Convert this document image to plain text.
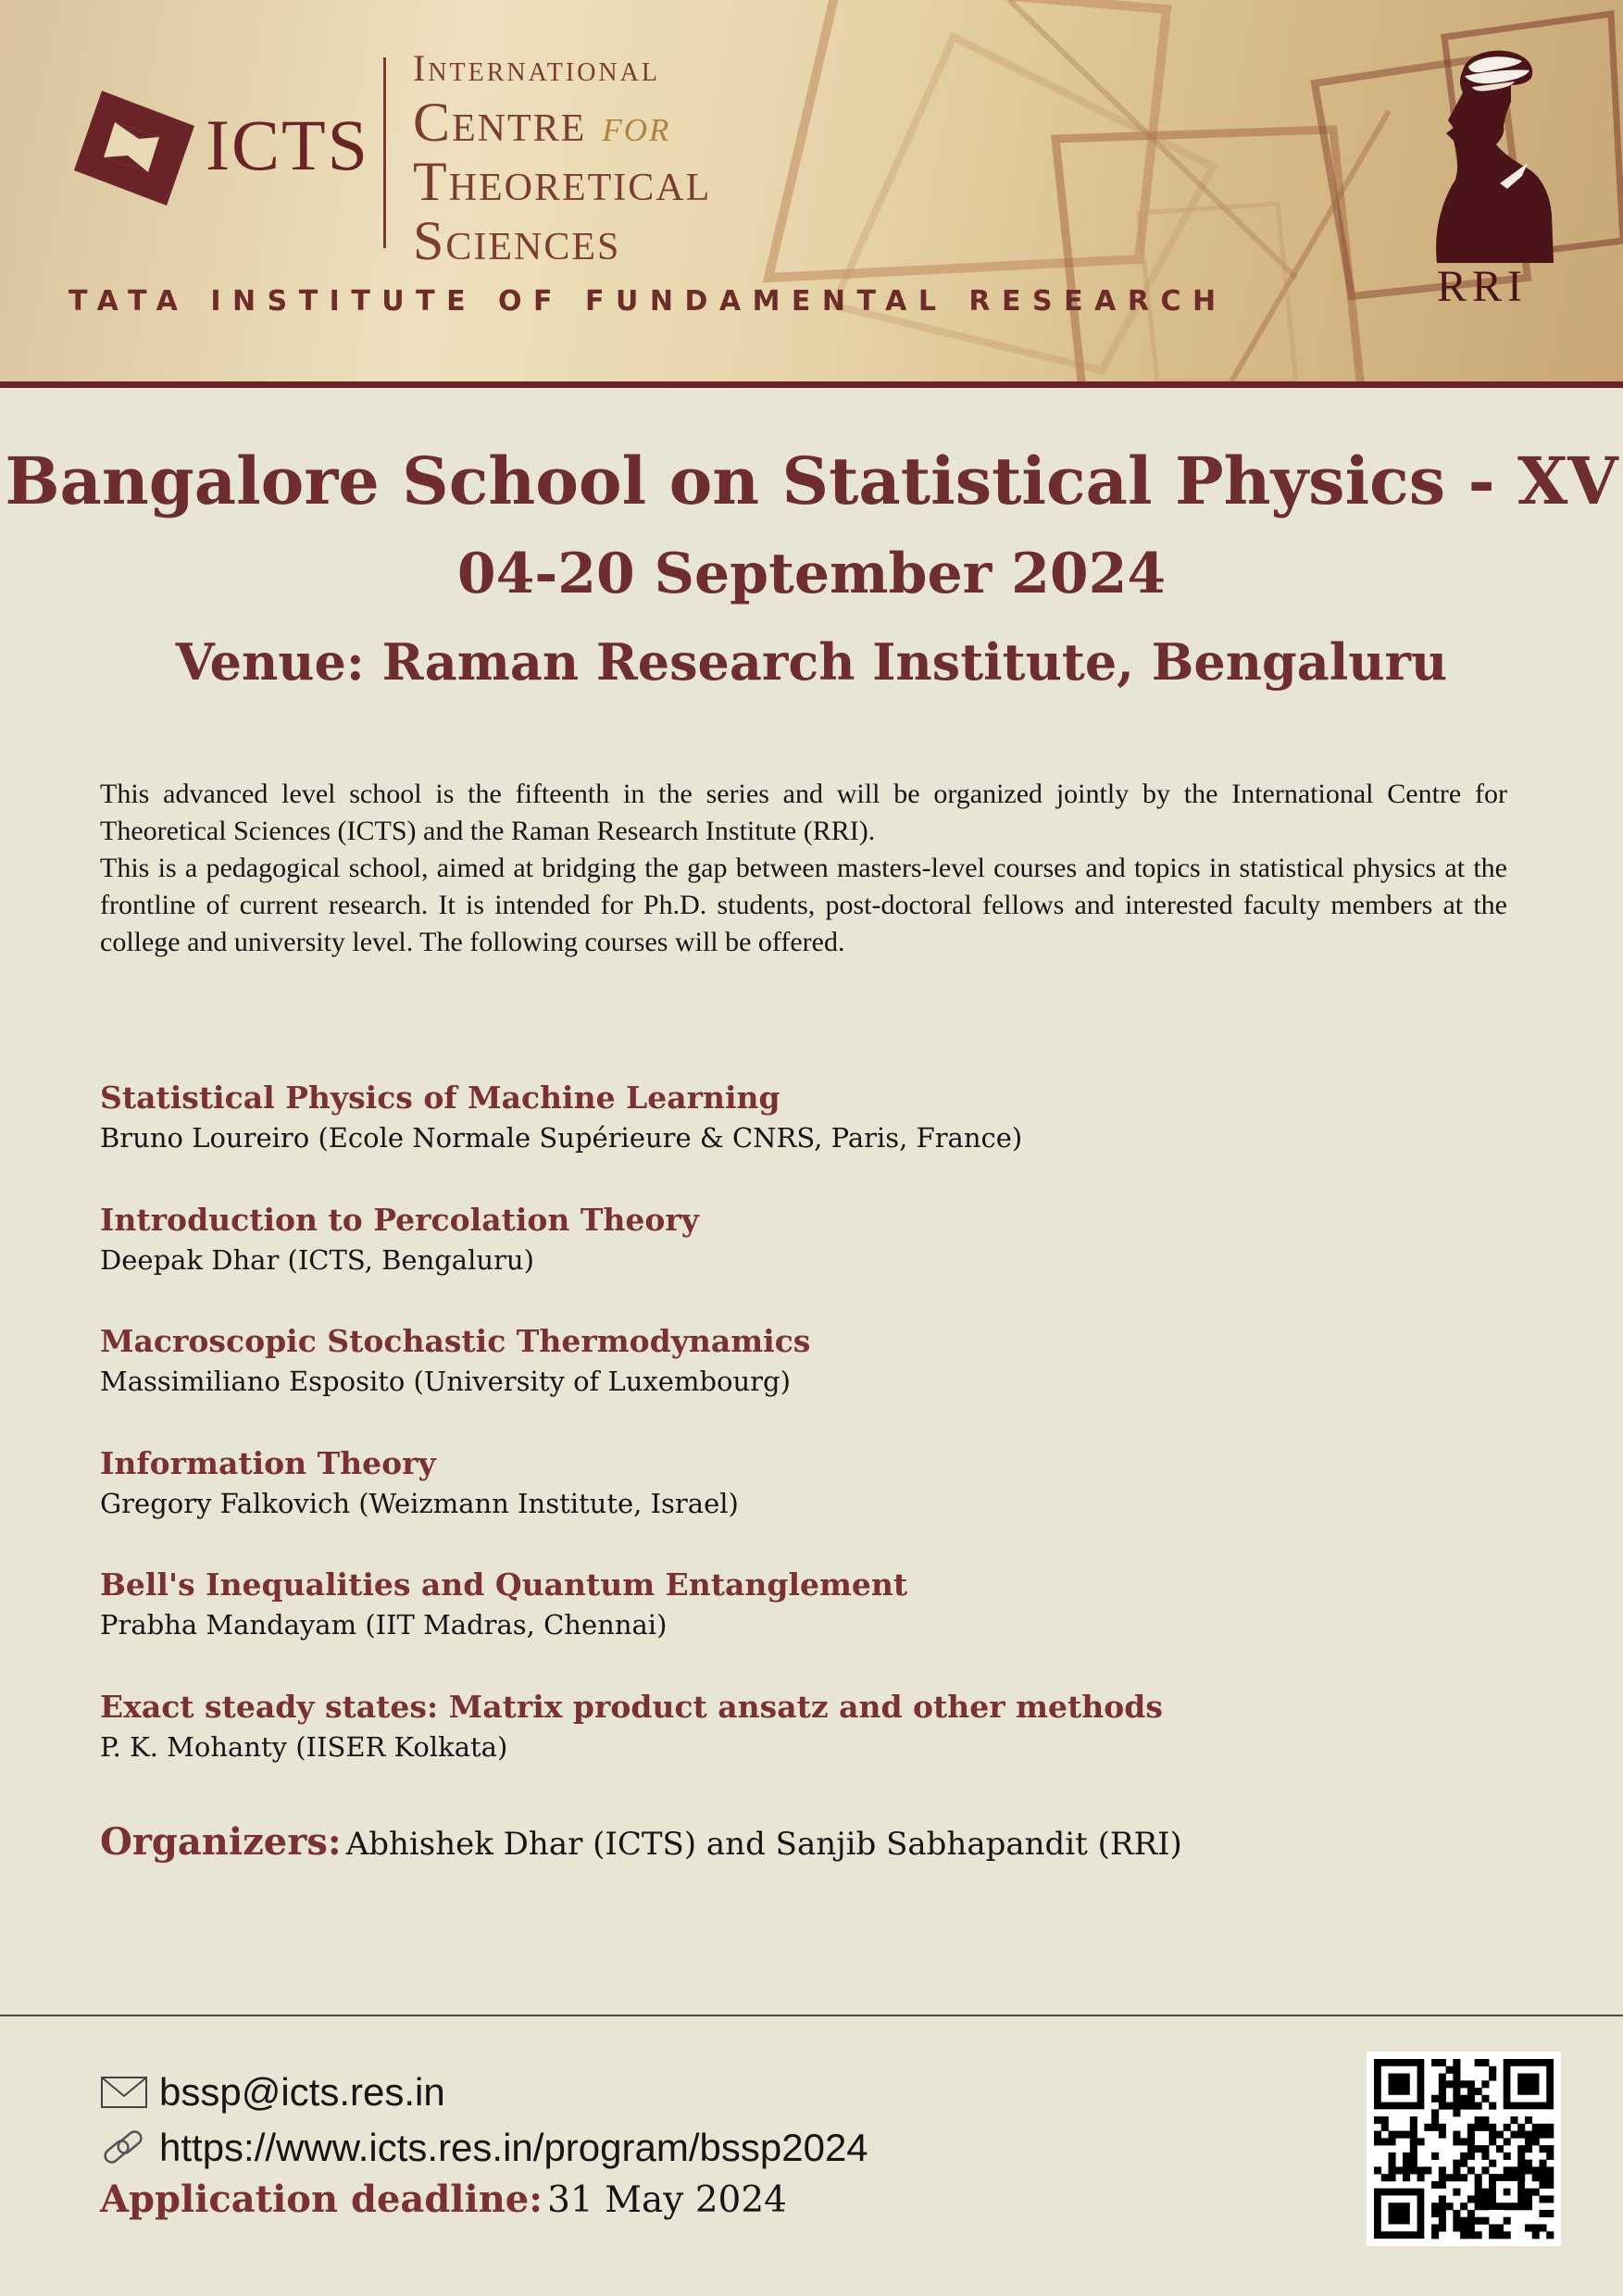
ICTS
International
Centre for
Theoretical
Sciences
TATA INSTITUTE OF FUNDAMENTAL RESEARCH	RRI
Bangalore School on Statistical Physics - XV
04-20 September 2024
Venue: Raman Research Institute, Bengaluru

This advanced level school is the fifteenth in the series and will be organized jointly by the International Centre for Theoretical Sciences (ICTS) and the Raman Research Institute (RRI).

This is a pedagogical school, aimed at bridging the gap between masters-level courses and topics in statistical physics at the frontline of current research. It is intended for Ph.D. students, post-doctoral fellows and interested faculty members at the college and university level. The following courses will be offered.

Statistical Physics of Machine Learning
Bruno Loureiro (Ecole Normale Supérieure & CNRS, Paris, France)
Introduction to Percolation Theory
Deepak Dhar (ICTS, Bengaluru)
Macroscopic Stochastic Thermodynamics
Massimiliano Esposito (University of Luxembourg)
Information Theory
Gregory Falkovich (Weizmann Institute, Israel)
Bell's Inequalities and Quantum Entanglement
Prabha Mandayam (IIT Madras, Chennai)
Exact steady states: Matrix product ansatz and other methods
P. K. Mohanty (IISER Kolkata)
Organizers: Abhishek Dhar (ICTS) and Sanjib Sabhapandit (RRI)
bssp@icts.res.in
https://www.icts.res.in/program/bssp2024
Application deadline: 31 May 2024
